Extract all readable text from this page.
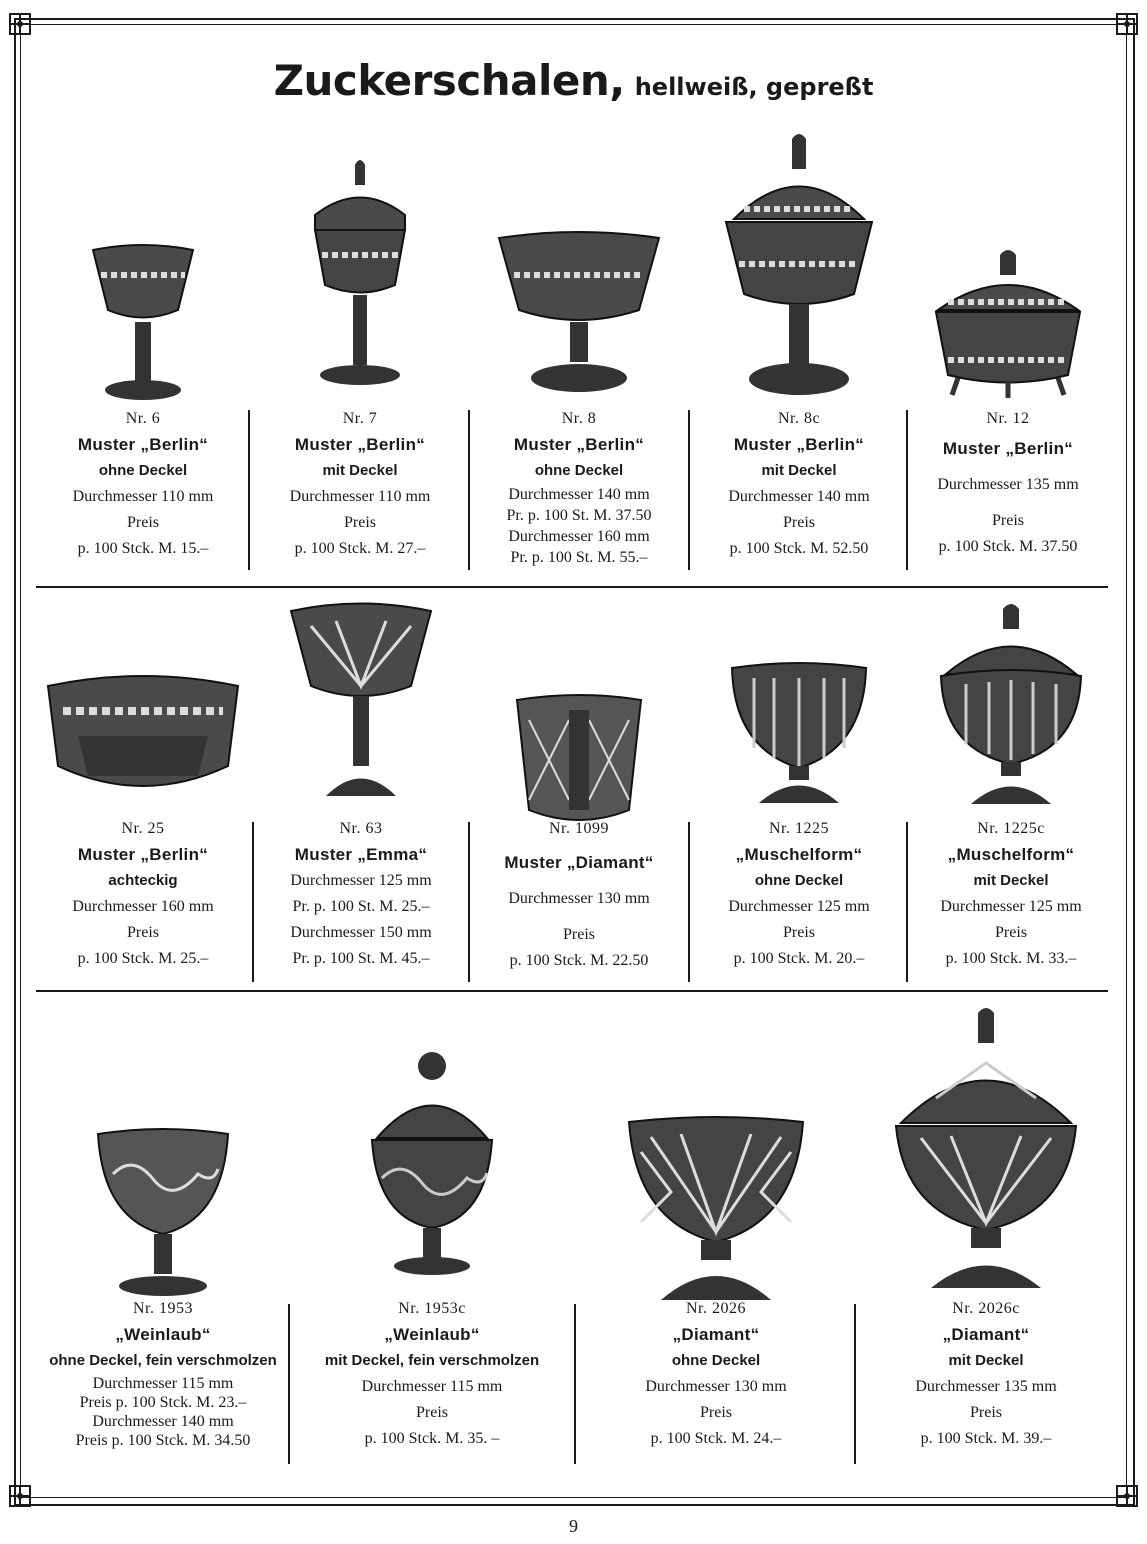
Zuckerschalen, hellweiß, gepreßt
Nr. 6
Muster „Berlin“
ohne Deckel
Durchmesser 110 mm
Preis
p. 100 Stck. M. 15.–
Nr. 7
Muster „Berlin“
mit Deckel
Durchmesser 110 mm
Preis
p. 100 Stck. M. 27.–
Nr. 8
Muster „Berlin“
ohne Deckel
Durchmesser 140 mm
Pr. p. 100 St. M. 37.50
Durchmesser 160 mm
Pr. p. 100 St. M. 55.–
Nr. 8c
Muster „Berlin“
mit Deckel
Durchmesser 140 mm
Preis
p. 100 Stck. M. 52.50
Nr. 12
Muster „Berlin“
Durchmesser 135 mm
Preis
p. 100 Stck. M. 37.50
Nr. 25
Muster „Berlin“
achteckig
Durchmesser 160 mm
Preis
p. 100 Stck. M. 25.–
Nr. 63
Muster „Emma“
Durchmesser 125 mm
Pr. p. 100 St. M. 25.–
Durchmesser 150 mm
Pr. p. 100 St. M. 45.–
Nr. 1099
Muster „Diamant“
Durchmesser 130 mm
Preis
p. 100 Stck. M. 22.50
Nr. 1225
„Muschelform“
ohne Deckel
Durchmesser 125 mm
Preis
p. 100 Stck. M. 20.–
Nr. 1225c
„Muschelform“
mit Deckel
Durchmesser 125 mm
Preis
p. 100 Stck. M. 33.–
Nr. 1953
„Weinlaub“
ohne Deckel, fein verschmolzen
Durchmesser 115 mm
Preis p. 100 Stck. M. 23.–
Durchmesser 140 mm
Preis p. 100 Stck. M. 34.50
Nr. 1953c
„Weinlaub“
mit Deckel, fein verschmolzen
Durchmesser 115 mm
Preis
p. 100 Stck. M. 35. –
Nr. 2026
„Diamant“
ohne Deckel
Durchmesser 130 mm
Preis
p. 100 Stck. M. 24.–
Nr. 2026c
„Diamant“
mit Deckel
Durchmesser 135 mm
Preis
p. 100 Stck. M. 39.–
9
